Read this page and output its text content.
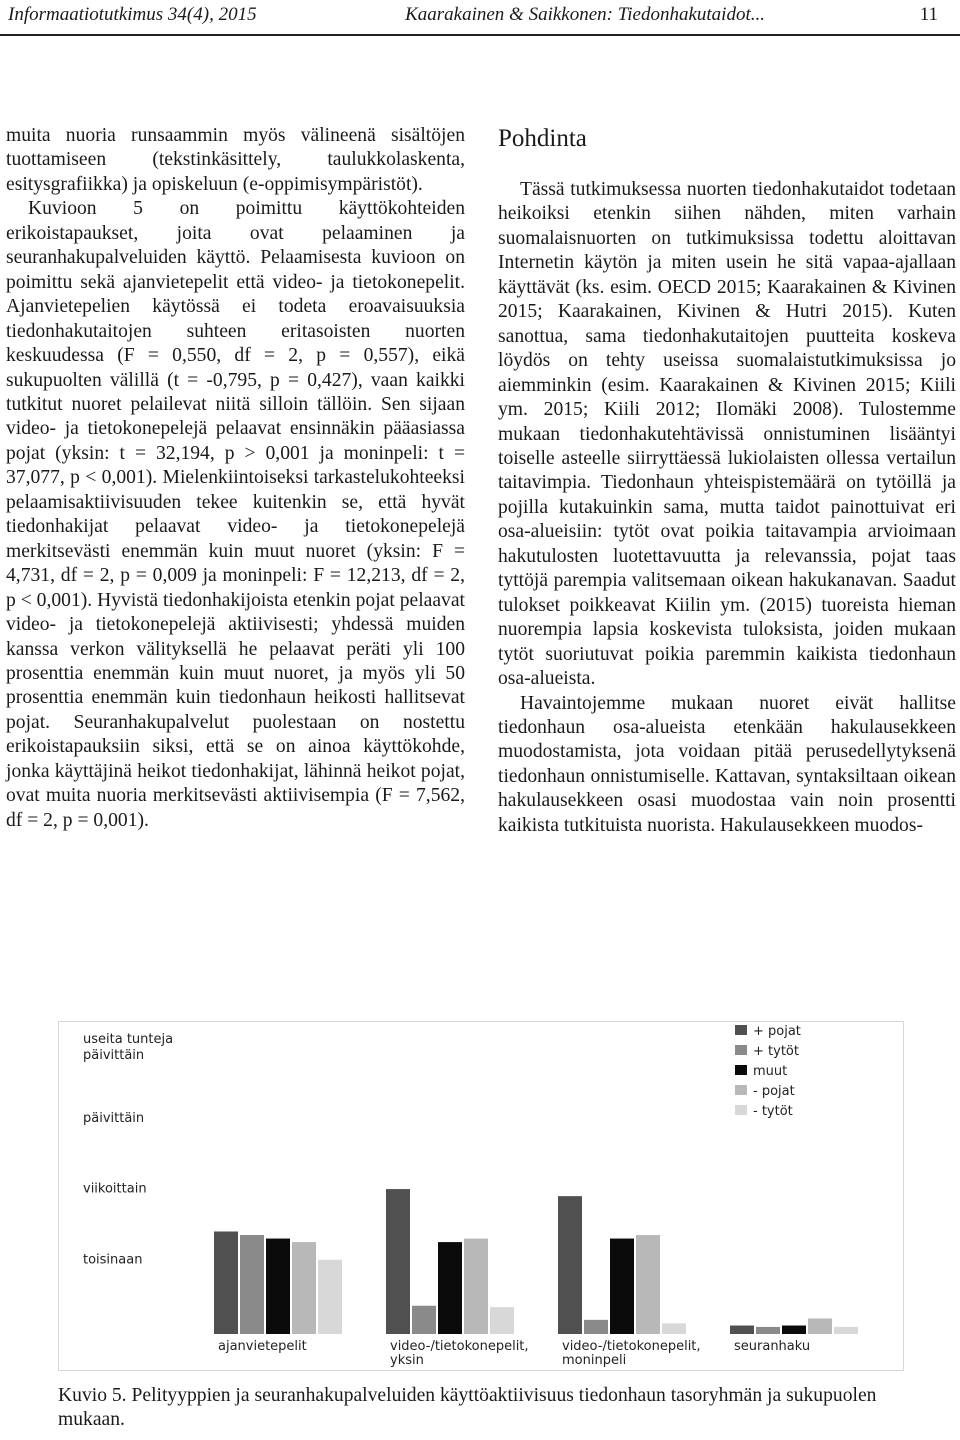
Informaatiotutkimus 34(4), 2015	Kaarakainen & Saikkonen: Tiedonhakutaidot...	11

muita nuoria runsaammin myös välineenä sisältöjen tuottamiseen (tekstinkäsittely, taulukkolaskenta, esitysgrafiikka) ja opiskeluun (e-oppimisympäristöt).

Kuvioon 5 on poimittu käyttökohteiden erikoistapaukset, joita ovat pelaaminen ja seuranhakupalveluiden käyttö. Pelaamisesta kuvioon on poimittu sekä ajanvietepelit että video- ja tietokonepelit. Ajanvietepelien käytössä ei todeta eroavaisuuksia tiedonhakutaitojen suhteen eritasoisten nuorten keskuudessa (F = 0,550, df = 2, p = 0,557), eikä sukupuolten välillä (t = -0,795, p = 0,427), vaan kaikki tutkitut nuoret pelailevat niitä silloin tällöin. Sen sijaan video- ja tietokonepelejä pelaavat ensinnäkin pääasiassa pojat (yksin: t = 32,194, p > 0,001 ja moninpeli: t = 37,077, p < 0,001). Mielenkiintoiseksi tarkastelukohteeksi pelaamisaktiivisuuden tekee kuitenkin se, että hyvät tiedonhakijat pelaavat video- ja tietokonepelejä merkitsevästi enemmän kuin muut nuoret (yksin: F = 4,731, df = 2, p = 0,009 ja moninpeli: F = 12,213, df = 2, p < 0,001). Hyvistä tiedonhakijoista etenkin pojat pelaavat video- ja tietokonepelejä aktiivisesti; yhdessä muiden kanssa verkon välityksellä he pelaavat peräti yli 100 prosenttia enemmän kuin muut nuoret, ja myös yli 50 prosenttia enemmän kuin tiedonhaun heikosti hallitsevat pojat. Seuranhakupalvelut puolestaan on nostettu erikoistapauksiin siksi, että se on ainoa käyttökohde, jonka käyttäjinä heikot tiedonhakijat, lähinnä heikot pojat, ovat muita nuoria merkitsevästi aktiivisempia (F = 7,562, df = 2, p = 0,001).

Pohdinta

Tässä tutkimuksessa nuorten tiedonhakutaidot todetaan heikoiksi etenkin siihen nähden, miten varhain suomalaisnuorten on tutkimuksissa todettu aloittavan Internetin käytön ja miten usein he sitä vapaa-ajallaan käyttävät (ks. esim. OECD 2015; Kaarakainen & Kivinen 2015; Kaarakainen, Kivinen & Hutri 2015). Kuten sanottua, sama tiedonhakutaitojen puutteita koskeva löydös on tehty useissa suomalaistutkimuksissa jo aiemminkin (esim. Kaarakainen & Kivinen 2015; Kiili ym. 2015; Kiili 2012; Ilomäki 2008). Tulostemme mukaan tiedonhakutehtävissä onnistuminen lisääntyi toiselle asteelle siirryttäessä lukiolaisten ollessa vertailun taitavimpia. Tiedonhaun yhteispistemäärä on tytöillä ja pojilla kutakuinkin sama, mutta taidot painottuivat eri osa-alueisiin: tytöt ovat poikia taitavampia arvioimaan hakutulosten luotettavuutta ja relevanssia, pojat taas tyttöjä parempia valitsemaan oikean hakukanavan. Saadut tulokset poikkeavat Kiilin ym. (2015) tuoreista hieman nuorempia lapsia koskevista tuloksista, joiden mukaan tytöt suoriutuvat poikia paremmin kaikista tiedonhaun osa-alueista.

Havaintojemme mukaan nuoret eivät hallitse tiedonhaun osa-alueista etenkään hakulausekkeen muodostamista, jota voidaan pitää perusedellytyksenä tiedonhaun onnistumiselle. Kattavan, syntaksiltaan oikean hakulausekkeen osasi muodostaa vain noin prosentti kaikista tutkituista nuorista. Hakulausekkeen muodos-

useita tunteja päivittäin
päivittäin
viikoittain
toisinaan
ajanvietepelit	video-/tietokonepelit, yksin
video-/tietokonepelit, moninpeli
seuranhaku
+ pojat
+ tytöt
muut
- pojat
- tytöt
Kuvio 5. Pelityyppien ja seuranhakupalveluiden käyttöaktiivisuus tiedonhaun tasoryhmän ja sukupuolen mukaan.
